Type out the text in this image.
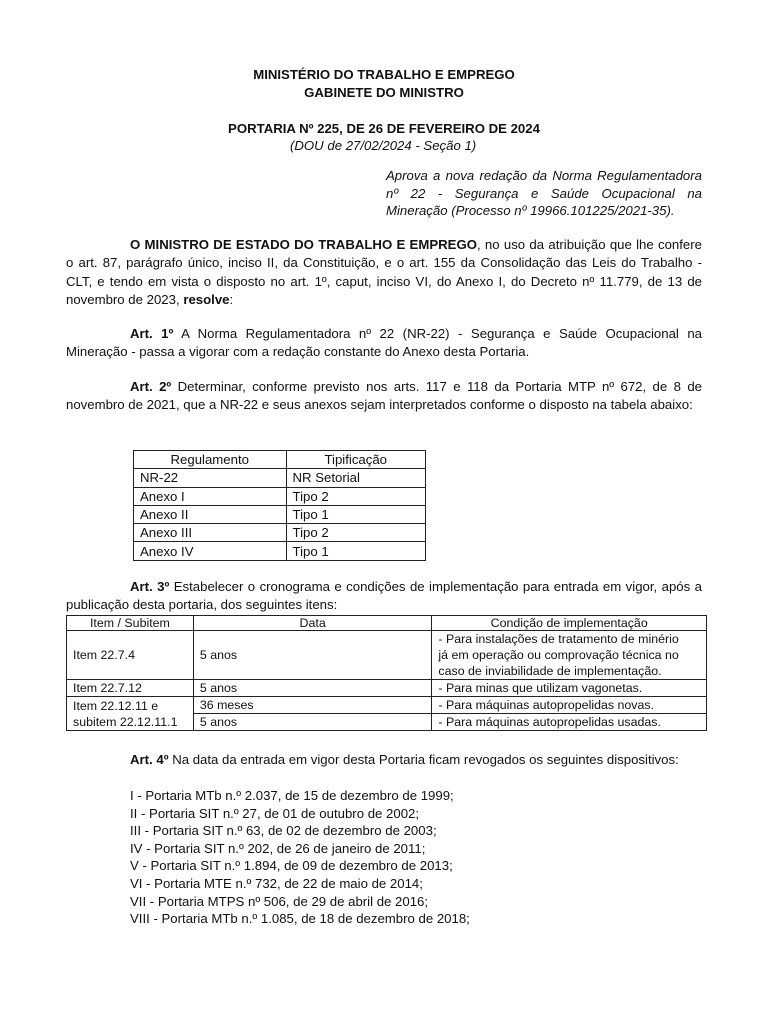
MINISTÉRIO DO TRABALHO E EMPREGO
GABINETE DO MINISTRO
PORTARIA Nº 225, DE 26 DE FEVEREIRO DE 2024
(DOU de 27/02/2024 - Seção 1)
Aprova a nova redação da Norma Regulamentadora nº 22 - Segurança e Saúde Ocupacional na Mineração (Processo nº 19966.101225/2021-35).
O MINISTRO DE ESTADO DO TRABALHO E EMPREGO, no uso da atribuição que lhe confere o art. 87, parágrafo único, inciso II, da Constituição, e o art. 155 da Consolidação das Leis do Trabalho - CLT, e tendo em vista o disposto no art. 1º, caput, inciso VI, do Anexo I, do Decreto nº 11.779, de 13 de novembro de 2023, resolve:
Art. 1º A Norma Regulamentadora nº 22 (NR-22) - Segurança e Saúde Ocupacional na Mineração - passa a vigorar com a redação constante do Anexo desta Portaria.
Art. 2º Determinar, conforme previsto nos arts. 117 e 118 da Portaria MTP nº 672, de 8 de novembro de 2021, que a NR-22 e seus anexos sejam interpretados conforme o disposto na tabela abaixo:
Regulamento	Tipificação
NR-22	NR Setorial
Anexo I	Tipo 2
Anexo II	Tipo 1
Anexo III	Tipo 2
Anexo IV	Tipo 1
Art. 3º Estabelecer o cronograma e condições de implementação para entrada em vigor, após a publicação desta portaria, dos seguintes itens:
Item / Subitem	Data	Condição de implementação
Item 22.7.4	5 anos	- Para instalações de tratamento de minério
já em operação ou comprovação técnica no
caso de inviabilidade de implementação.

Item 22.7.12	5 anos	- Para minas que utilizam vagonetas.

Item 22.12.11 e
subitem 22.12.11.1	36 meses	- Para máquinas autopropelidas novas.
	5 anos	- Para máquinas autopropelidas usadas.
Art. 4º Na data da entrada em vigor desta Portaria ficam revogados os seguintes dispositivos:
I - Portaria MTb n.º 2.037, de 15 de dezembro de 1999;
II - Portaria SIT n.º 27, de 01 de outubro de 2002;
III - Portaria SIT n.º 63, de 02 de dezembro de 2003;
IV - Portaria SIT n.º 202, de 26 de janeiro de 2011;
V - Portaria SIT n.º 1.894, de 09 de dezembro de 2013;
VI - Portaria MTE n.º 732, de 22 de maio de 2014;
VII - Portaria MTPS nº 506, de 29 de abril de 2016;
VIII - Portaria MTb n.º 1.085, de 18 de dezembro de 2018;
